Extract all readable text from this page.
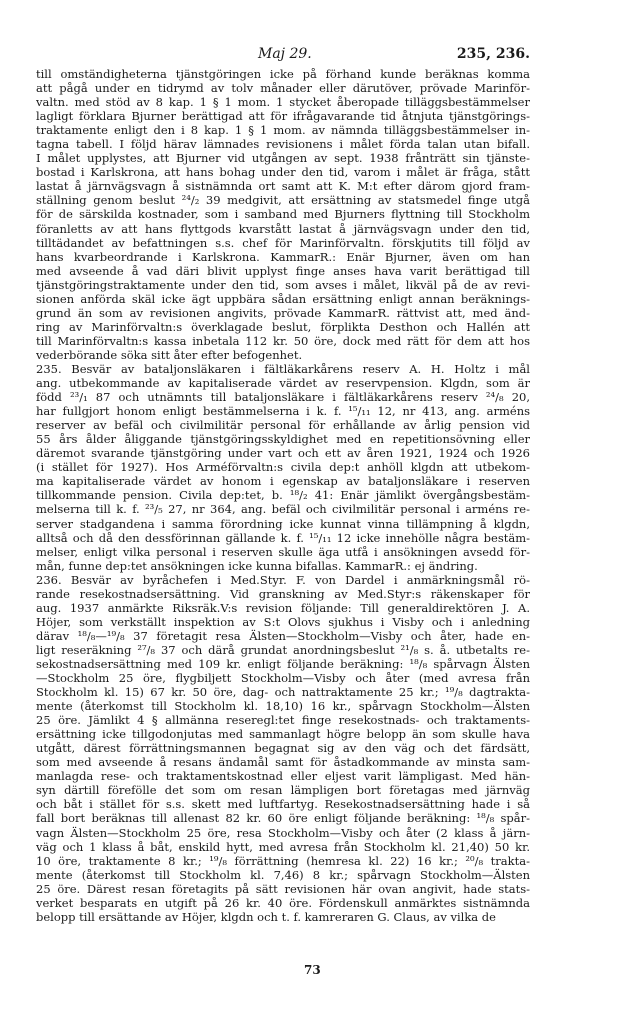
Maj 29.	235, 236.
till omständigheterna tjänstgöringen icke på förhand kunde beräknas komma
att pågå under en tidrymd av tolv månader eller därutöver, prövade Marinför-
valtn. med stöd av 8 kap. 1 § 1 mom. 1 stycket åberopade tilläggsbestämmelser
lagligt förklara Bjurner berättigad att för ifrågavarande tid åtnjuta tjänstgörings-
traktamente enligt den i 8 kap. 1 § 1 mom. av nämnda tilläggsbestämmelser in-
tagna tabell. I följd härav lämnades revisionens i målet förda talan utan bifall.
I målet upplystes, att Bjurner vid utgången av sept. 1938 frånträtt sin tjänste-
bostad i Karlskrona, att hans bohag under den tid, varom i målet är fråga, stått
lastat å järnvägsvagn å sistnämnda ort samt att K. M:t efter därom gjord fram-
ställning genom beslut ²⁴/₂ 39 medgivit, att ersättning av statsmedel finge utgå
för de särskilda kostnader, som i samband med Bjurners flyttning till Stockholm
föranletts av att hans flyttgods kvarstått lastat å järnvägsvagn under den tid,
tilltädandet av befattningen s.s. chef för Marinförvaltn. förskjutits till följd av
hans kvarbeordrande i Karlskrona. KammarR.: Enär Bjurner, även om han
med avseende å vad däri blivit upplyst finge anses hava varit berättigad till
tjänstgöringstraktamente under den tid, som avses i målet, likväl på de av revi-
sionen anförda skäl icke ägt uppbära sådan ersättning enligt annan beräknings-
grund än som av revisionen angivits, prövade KammarR. rättvist att, med änd-
ring av Marinförvaltn:s överklagade beslut, förpliktа Desthon och Hallén att
till Marinförvaltn:s kassa inbetala 112 kr. 50 öre, dock med rätt för dem att hos
vederbörande söka sitt åter efter befogenhet.
235. Besvär av bataljonsläkaren i fältläkarkårens reserv A. H. Holtz i mål
ang. utbekommande av kapitaliserade värdet av reservpension. Klgdn, som är
född ²³/₁ 87 och utnämnts till bataljonsläkare i fältläkarkårens reserv ²⁴/₈ 20,
har fullgjort honom enligt bestämmelserna i k. f. ¹⁵/₁₁ 12, nr 413, ang. arméns
reserver av befäl och civilmilitär personal för erhållande av årlig pension vid
55 års ålder åliggande tjänstgöringsskyldighet med en repetitionsövning eller
däremot svarande tjänstgöring under vart och ett av åren 1921, 1924 och 1926
(i stället för 1927). Hos Arméförvaltn:s civila dep:t anhöll klgdn att utbekom-
ma kapitaliserade värdet av honom i egenskap av bataljonsläkare i reserven
tillkommande pension. Civila dep:tet, b. ¹⁸/₂ 41: Enär jämlikt övergångsbestäm-
melserna till k. f. ²³/₅ 27, nr 364, ang. befäl och civilmilitär personal i arméns re-
server stadgandena i samma förordning icke kunnat vinna tillämpning å klgdn,
alltså och då den dessförinnan gällande k. f. ¹⁵/₁₁ 12 icke innehölle några bestäm-
melser, enligt vilka personal i reserven skulle äga utfå i ansökningen avsedd för-
mån, funne dep:tet ansökningen icke kunna bifallas. KammarR.: ej ändring.
236. Besvär av byråchefen i Med.Styr. F. von Dardel i anmärkningsmål rö-
rande resekostnadsersättning. Vid granskning av Med.Styr:s räkenskaper för
aug. 1937 anmärkte Riksräk.V:s revision följande: Till generaldirektören J. A.
Höjer, som verkställt inspektion av S:t Olovs sjukhus i Visby och i anledning
därav ¹⁸/₈—¹⁹/₈ 37 företagit resa Älsten—Stockholm—Visby och åter, hade en-
ligt reseräkning ²⁷/₈ 37 och därå grundat anordningsbeslut ²¹/₈ s. å. utbetalts re-
sekostnadsersättning med 109 kr. enligt följande beräkning: ¹⁸/₈ spårvagn Älsten
—Stockholm 25 öre, flygbiljett Stockholm—Visby och åter (med avresa från
Stockholm kl. 15) 67 kr. 50 öre, dag- och nattraktamente 25 kr.; ¹⁹/₈ dagtrakta-
mente (återkomst till Stockholm kl. 18,10) 16 kr., spårvagn Stockholm—Älsten
25 öre. Jämlikt 4 § allmänna reseregl:tet finge resekostnads- och traktaments-
ersättning icke tillgodonjutas med sammanlagt högre belopp än som skulle hava
utgått, därest förrättningsmannen begagnat sig av den väg och det färdsätt,
som med avseende å resans ändamål samt för åstadkommande av minsta sam-
manlagda rese- och traktamentskostnad eller eljest varit lämpligast. Med hän-
syn därtill förefölle det som om resan lämpligen bort företagas med järnväg
och båt i stället för s.s. skett med luftfartyg. Resekostnadsersättning hade i så
fall bort beräknas till allenast 82 kr. 60 öre enligt följande beräkning: ¹⁸/₈ spår-
vagn Älsten—Stockholm 25 öre, resa Stockholm—Visby och åter (2 klass å järn-
väg och 1 klass å båt, enskild hytt, med avresa från Stockholm kl. 21,40) 50 kr.
10 öre, traktamente 8 kr.; ¹⁹/₈ förrättning (hemresa kl. 22) 16 kr.; ²⁰/₈ trakta-
mente (återkomst till Stockholm kl. 7,46) 8 kr.; spårvagn Stockholm—Älsten
25 öre. Därest resan företagits på sätt revisionen här ovan angivit, hade stats-
verket besparats en utgift på 26 kr. 40 öre. Fördenskull anmärktes sistnämnda
belopp till ersättande av Höjer, klgdn och t. f. kamreraren G. Claus, av vilka de
73
